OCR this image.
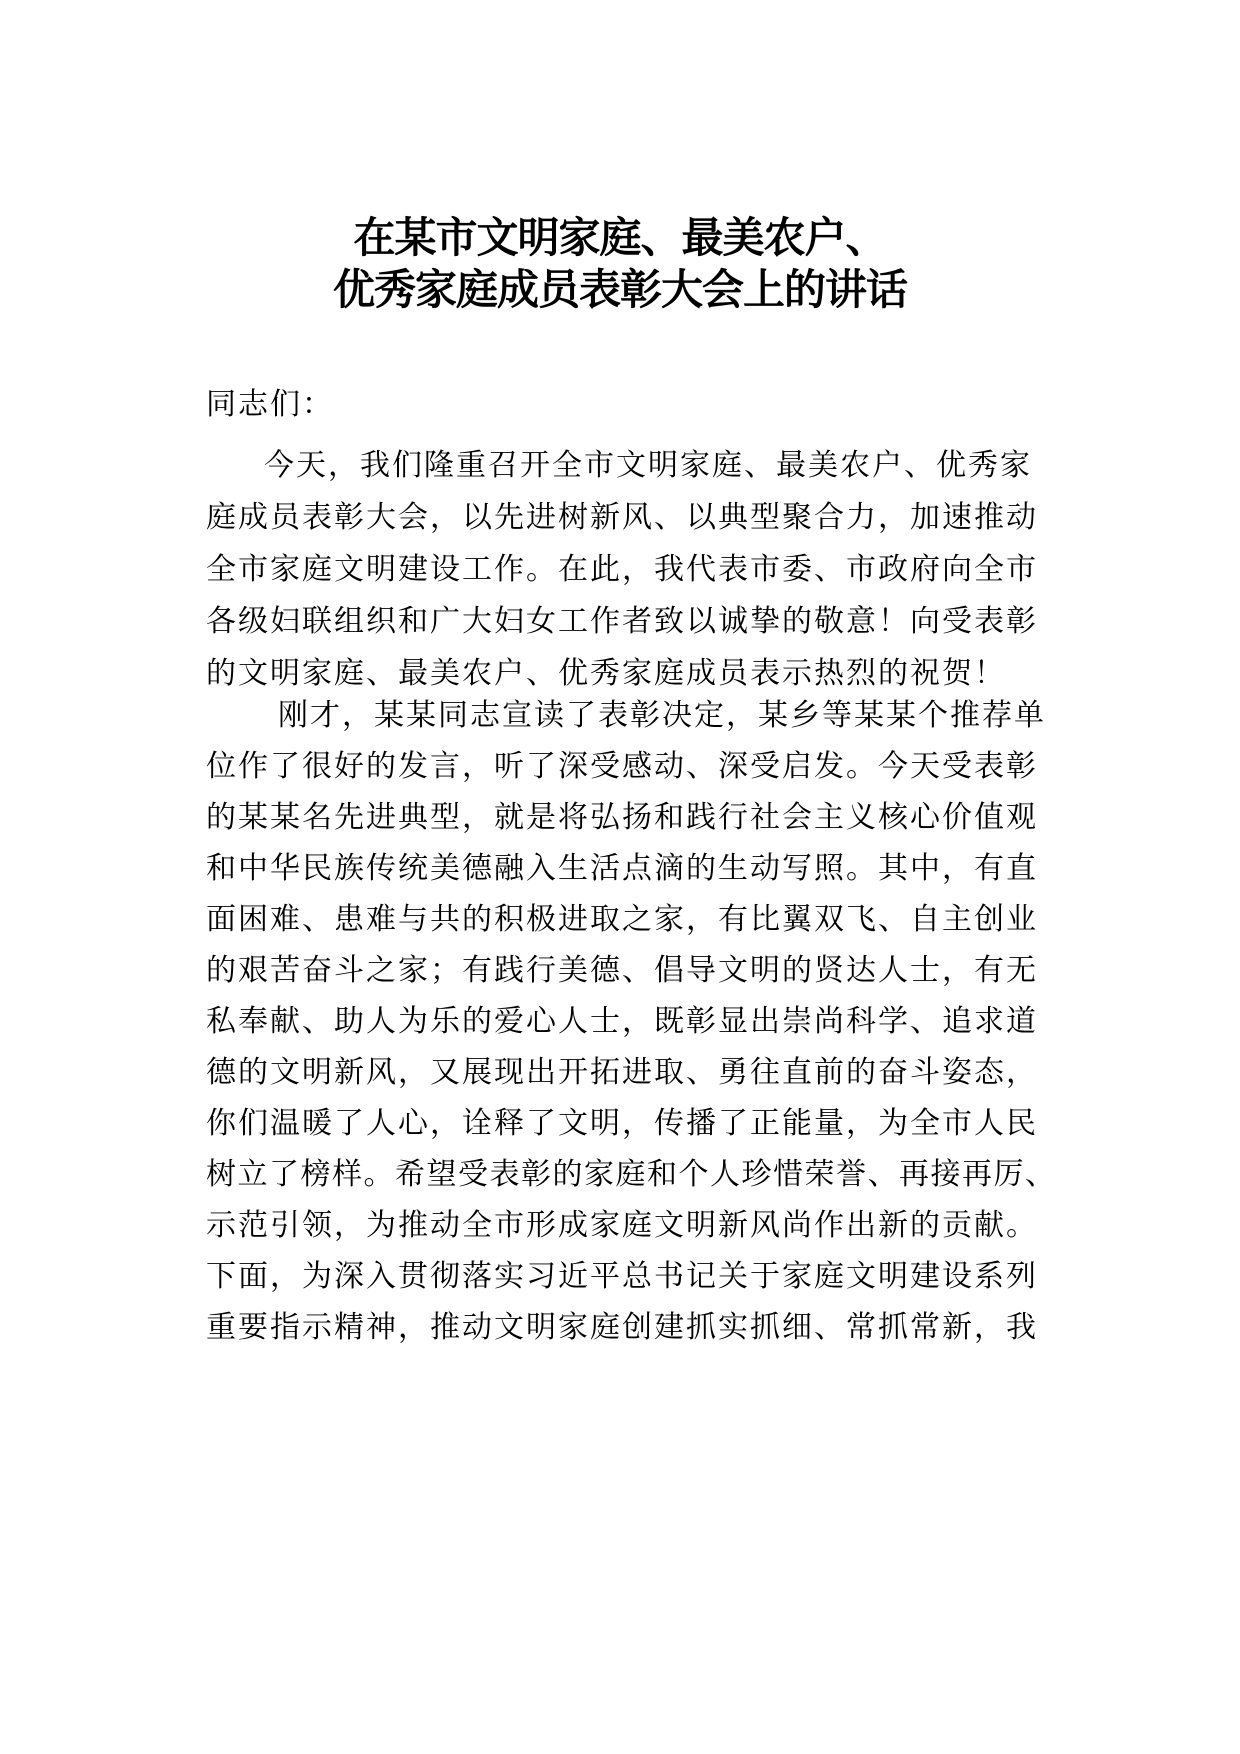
在某市文明家庭、最美农户、
优秀家庭成员表彰大会上的讲话
同志们：
今天，我们隆重召开全市文明家庭、最美农户、优秀家
庭成员表彰大会，以先进树新风、以典型聚合力，加速推动
全市家庭文明建设工作。在此，我代表市委、市政府向全市
各级妇联组织和广大妇女工作者致以诚挚的敬意！向受表彰
的文明家庭、最美农户、优秀家庭成员表示热烈的祝贺！
刚才，某某同志宣读了表彰决定，某乡等某某个推荐单
位作了很好的发言，听了深受感动、深受启发。今天受表彰
的某某名先进典型，就是将弘扬和践行社会主义核心价值观
和中华民族传统美德融入生活点滴的生动写照。其中，有直
面困难、患难与共的积极进取之家，有比翼双飞、自主创业
的艰苦奋斗之家；有践行美德、倡导文明的贤达人士，有无
私奉献、助人为乐的爱心人士，既彰显出崇尚科学、追求道
德的文明新风，又展现出开拓进取、勇往直前的奋斗姿态，
你们温暖了人心，诠释了文明，传播了正能量，为全市人民
树立了榜样。希望受表彰的家庭和个人珍惜荣誉、再接再厉、
示范引领，为推动全市形成家庭文明新风尚作出新的贡献。
下面，为深入贯彻落实习近平总书记关于家庭文明建设系列
重要指示精神，推动文明家庭创建抓实抓细、常抓常新，我
